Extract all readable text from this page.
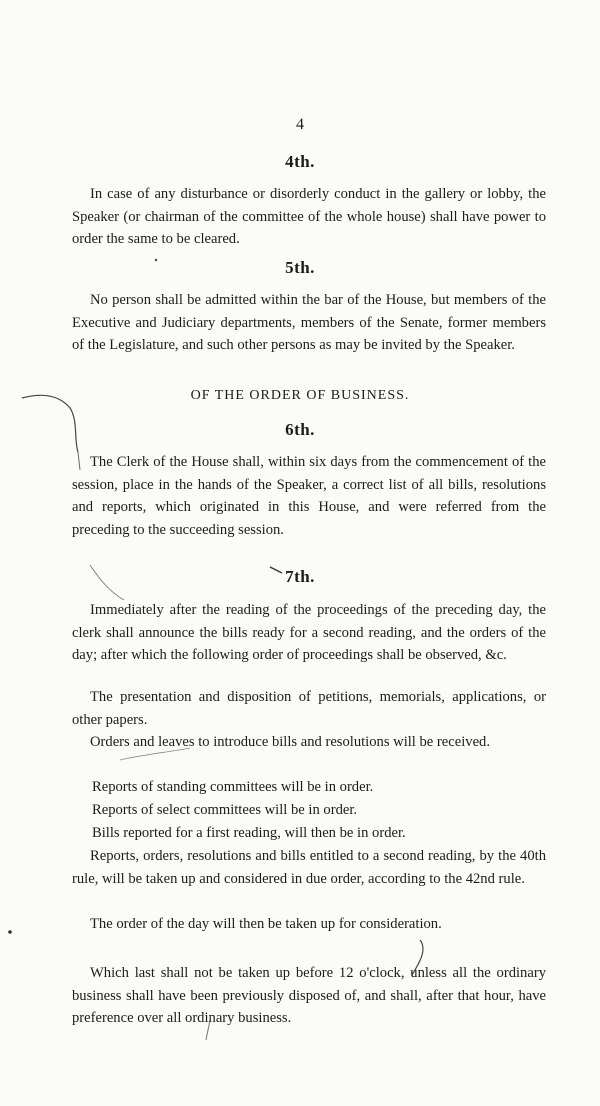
4
4th.

In case of any disturbance or disorderly conduct in the gallery or lobby, the Speaker (or chairman of the committee of the whole house) shall have power to order the same to be cleared.

5th.

No person shall be admitted within the bar of the House, but members of the Executive and Judiciary departments, members of the Senate, former members of the Legislature, and such other persons as may be invited by the Speaker.

OF THE ORDER OF BUSINESS.
6th.

The Clerk of the House shall, within six days from the commencement of the session, place in the hands of the Speaker, a correct list of all bills, resolutions and reports, which originated in this House, and were referred from the preceding to the succeeding session.

7th.

Immediately after the reading of the proceedings of the preceding day, the clerk shall announce the bills ready for a second reading, and the orders of the day; after which the following order of proceedings shall be observed, &c.

The presentation and disposition of petitions, memorials, applications, or other papers.

Orders and leaves to introduce bills and resolutions will be received.

Reports of standing committees will be in order.
Reports of select committees will be in order.
Bills reported for a first reading, will then be in order.

Reports, orders, resolutions and bills entitled to a second reading, by the 40th rule, will be taken up and considered in due order, according to the 42nd rule.

The order of the day will then be taken up for consideration.

Which last shall not be taken up before 12 o'clock, unless all the ordinary business shall have been previously disposed of, and shall, after that hour, have preference over all ordinary business.
